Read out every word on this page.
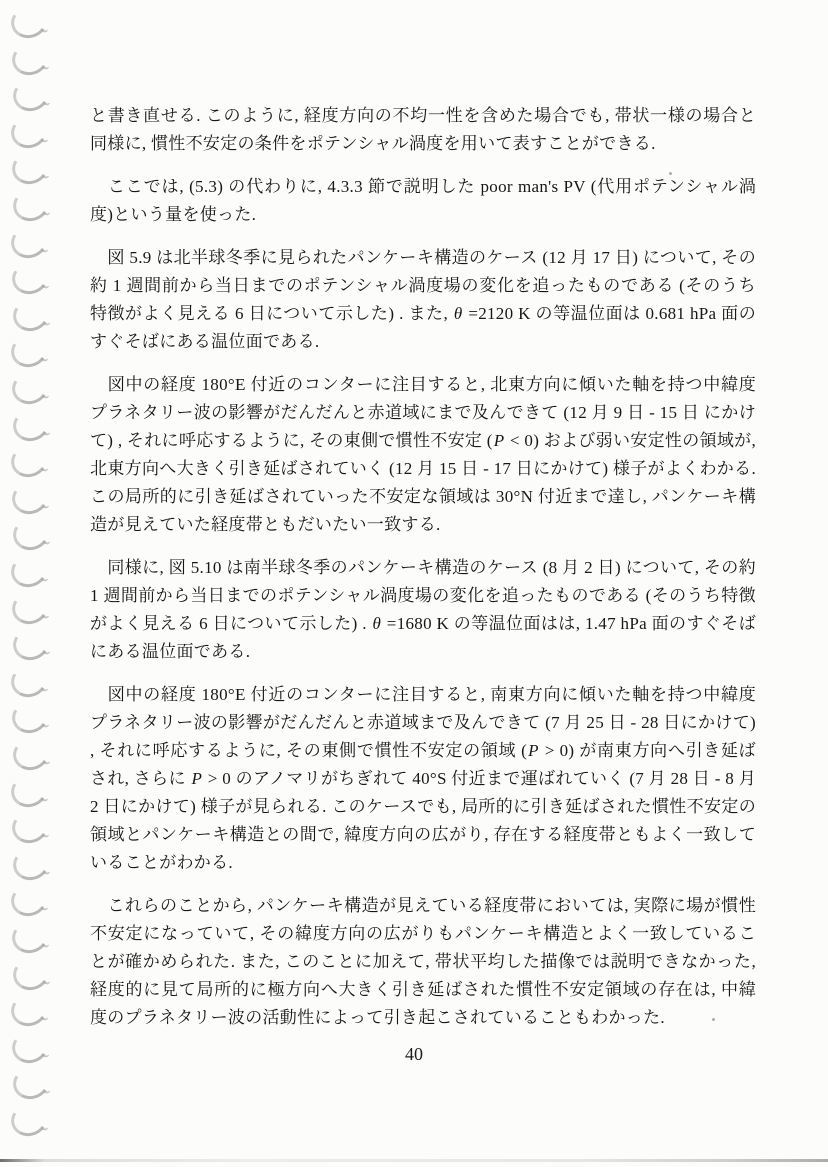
と書き直せる. このように, 経度方向の不均一性を含めた場合でも, 帯状一様の場合と同様に, 慣性不安定の条件をポテンシャル渦度を用いて表すことができる.

　ここでは, (5.3) の代わりに, 4.3.3 節で説明した poor man's PV (代用ポテンシャル渦度)という量を使った.

　図 5.9 は北半球冬季に見られたパンケーキ構造のケース (12 月 17 日) について, その約 1 週間前から当日までのポテンシャル渦度場の変化を追ったものである (そのうち特徴がよく見える 6 日について示した) . また, θ =2120 K の等温位面は 0.681 hPa 面のすぐそばにある温位面である.

　図中の経度 180°E 付近のコンターに注目すると, 北東方向に傾いた軸を持つ中緯度プラネタリー波の影響がだんだんと赤道域にまで及んできて (12 月 9 日 - 15 日 にかけて) , それに呼応するように, その東側で慣性不安定 (P < 0) および弱い安定性の領域が, 北東方向へ大きく引き延ばされていく (12 月 15 日 - 17 日にかけて) 様子がよくわかる. この局所的に引き延ばされていった不安定な領域は 30°N 付近まで達し, パンケーキ構造が見えていた経度帯ともだいたい一致する.

　同様に, 図 5.10 は南半球冬季のパンケーキ構造のケース (8 月 2 日) について, その約 1 週間前から当日までのポテンシャル渦度場の変化を追ったものである (そのうち特徴がよく見える 6 日について示した) . θ =1680 K の等温位面はは, 1.47 hPa 面のすぐそばにある温位面である.

　図中の経度 180°E 付近のコンターに注目すると, 南東方向に傾いた軸を持つ中緯度プラネタリー波の影響がだんだんと赤道域まで及んできて (7 月 25 日 - 28 日にかけて) , それに呼応するように, その東側で慣性不安定の領域 (P > 0) が南東方向へ引き延ばされ, さらに P > 0 のアノマリがちぎれて 40°S 付近まで運ばれていく (7 月 28 日 - 8 月 2 日にかけて) 様子が見られる. このケースでも, 局所的に引き延ばされた慣性不安定の領域とパンケーキ構造との間で, 緯度方向の広がり, 存在する経度帯ともよく一致していることがわかる.

　これらのことから, パンケーキ構造が見えている経度帯においては, 実際に場が慣性不安定になっていて, その緯度方向の広がりもパンケーキ構造とよく一致していることが確かめられた. また, このことに加えて, 帯状平均した描像では説明できなかった, 経度的に見て局所的に極方向へ大きく引き延ばされた慣性不安定領域の存在は, 中緯度のプラネタリー波の活動性によって引き起こされていることもわかった.

40
